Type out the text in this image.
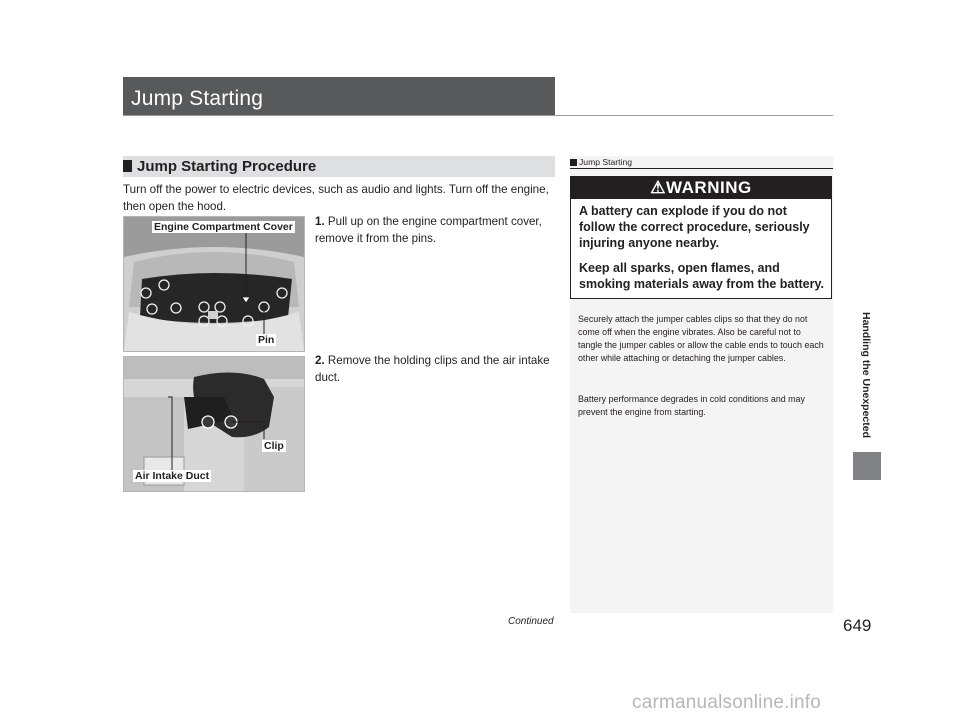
Jump Starting
Jump Starting Procedure
Turn off the power to electric devices, such as audio and lights. Turn off the engine, then open the hood.
Engine Compartment Cover
Pin
1. Pull up on the engine compartment cover, remove it from the pins.
Clip
Air Intake Duct
2. Remove the holding clips and the air intake duct.
Jump Starting
⚠WARNING
A battery can explode if you do not follow the correct procedure, seriously injuring anyone nearby.
Keep all sparks, open flames, and smoking materials away from the battery.
Securely attach the jumper cables clips so that they do not come off when the engine vibrates. Also be careful not to tangle the jumper cables or allow the cable ends to touch each other while attaching or detaching the jumper cables.
Battery performance degrades in cold conditions and may prevent the engine from starting.	Handling the Unexpected
Continued	649
carmanualsonline.info
